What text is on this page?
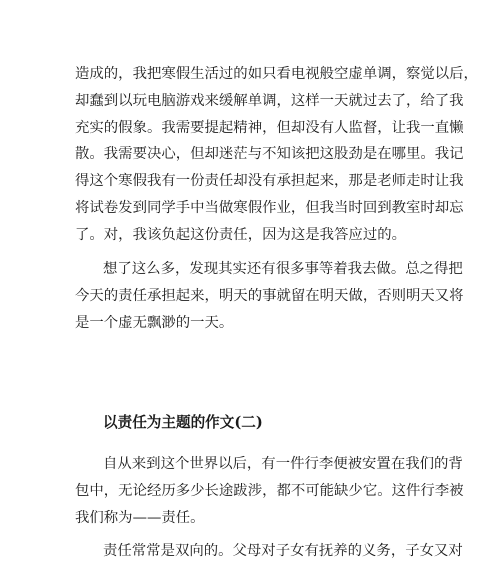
造成的，我把寒假生活过的如只看电视般空虚单调，察觉以后，
却蠢到以玩电脑游戏来缓解单调，这样一天就过去了，给了我
充实的假象。我需要提起精神，但却没有人监督，让我一直懒
散。我需要决心，但却迷茫与不知该把这股劲是在哪里。我记
得这个寒假我有一份责任却没有承担起来，那是老师走时让我
将试卷发到同学手中当做寒假作业，但我当时回到教室时却忘
了。对，我该负起这份责任，因为这是我答应过的。

想了这么多，发现其实还有很多事等着我去做。总之得把
今天的责任承担起来，明天的事就留在明天做，否则明天又将
是一个虚无飘渺的一天。

以责任为主题的作文(二)

自从来到这个世界以后，有一件行李便被安置在我们的背
包中，无论经历多少长途跋涉，都不可能缺少它。这件行李被
我们称为——责任。

责任常常是双向的。父母对子女有抚养的义务，子女又对
